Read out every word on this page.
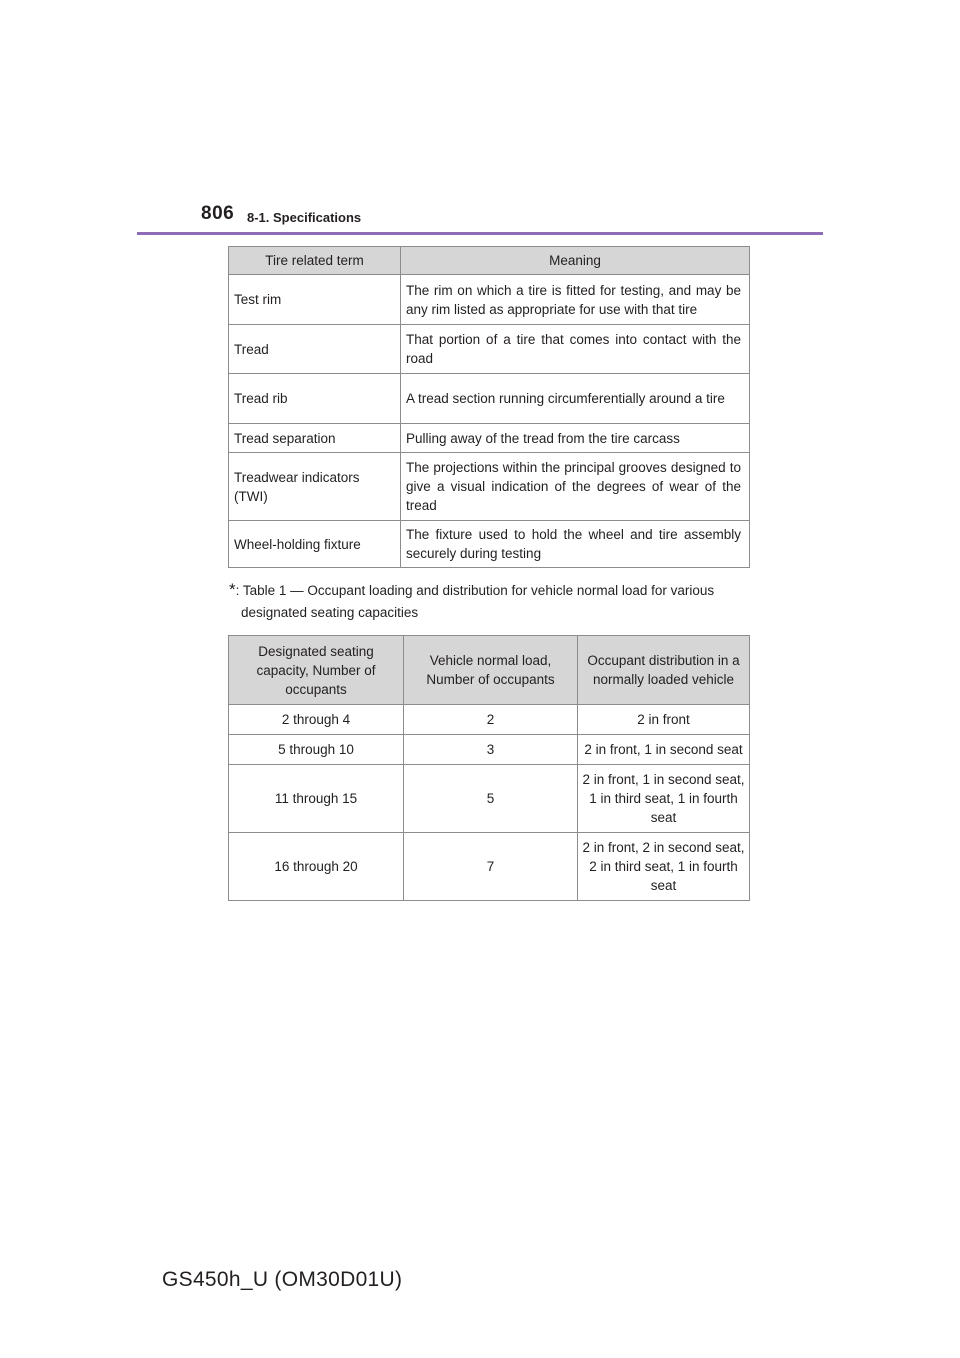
806 8-1. Specifications
Tire related term	Meaning
Test rim	The rim on which a tire is fitted for testing, and may be any rim listed as appropriate for use with that tire
Tread	That portion of a tire that comes into contact with the road
Tread rib	A tread section running circumferentially around a tire
Tread separation	Pulling away of the tread from the tire carcass
Treadwear indicators (TWI)	The projections within the principal grooves designed to give a visual indication of the degrees of wear of the tread
Wheel-holding fixture	The fixture used to hold the wheel and tire assembly securely during testing
*: Table 1 — Occupant loading and distribution for vehicle normal load for various
designated seating capacities
Designated seating capacity, Number of occupants	Vehicle normal load, Number of occupants	Occupant distribution in a normally loaded vehicle
2 through 4	2	2 in front
5 through 10	3	2 in front, 1 in second seat
11 through 15	5	2 in front, 1 in second seat, 1 in third seat, 1 in fourth seat
16 through 20	7	2 in front, 2 in second seat, 2 in third seat, 1 in fourth seat
GS450h_U (OM30D01U)
